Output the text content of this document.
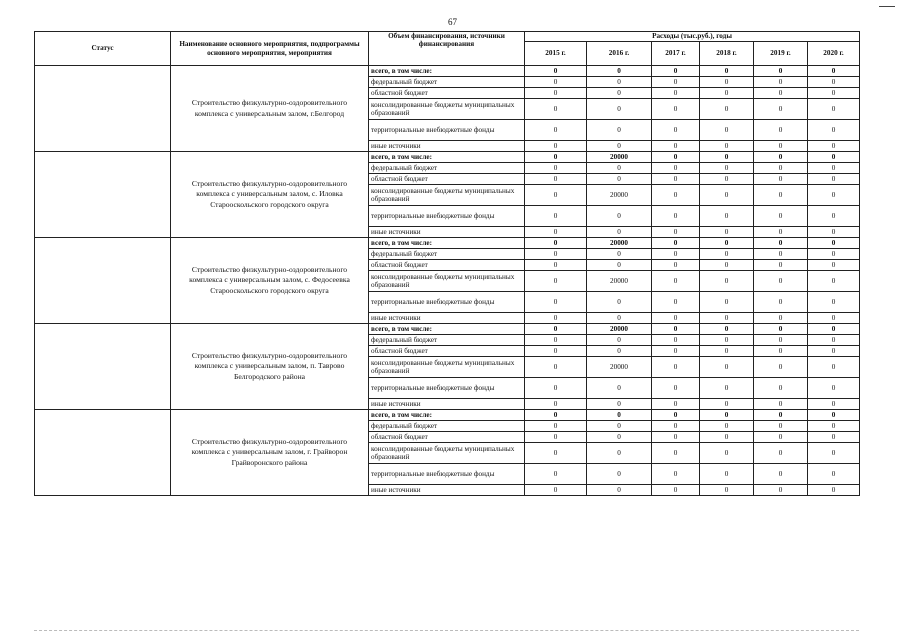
67
Статус	Наименование основного мероприятия, подпрограммы основного мероприятия, мероприятия	Объем финансирования, источники финансирования	Расходы (тыс.руб.), годы					
			2015 г.	2016 г.	2017 г.	2018 г.	2019 г.	2020 г.
	Строительство физкультурно-оздоровительного комплекса с универсальным залом, г.Белгород	всего, в том числе:	0	0	0	0	0	0
		федеральный бюджет	0	0	0	0	0	0
		областной бюджет	0	0	0	0	0	0
		консолидированные бюджеты муниципальных образований	0	0	0	0	0	0
		территориальные внебюджетные фонды	0	0	0	0	0	0
		иные источники	0	0	0	0	0	0
	Строительство физкультурно-оздоровительного комплекса с универсальным залом, с. Иловка Старооскольского городского округа	всего, в том числе:	0	20000	0	0	0	0
		федеральный бюджет	0	0	0	0	0	0
		областной бюджет	0	0	0	0	0	0
		консолидированные бюджеты муниципальных образований	0	20000	0	0	0	0
		территориальные внебюджетные фонды	0	0	0	0	0	0
		иные источники	0	0	0	0	0	0
	Строительство физкультурно-оздоровительного комплекса с универсальным залом, с. Федосеевка Старооскольского городского округа	всего, в том числе:	0	20000	0	0	0	0
		федеральный бюджет	0	0	0	0	0	0
		областной бюджет	0	0	0	0	0	0
		консолидированные бюджеты муниципальных образований	0	20000	0	0	0	0
		территориальные внебюджетные фонды	0	0	0	0	0	0
		иные источники	0	0	0	0	0	0
	Строительство физкультурно-оздоровительного комплекса с универсальным залом, п. Таврово Белгородского района	всего, в том числе:	0	20000	0	0	0	0
		федеральный бюджет	0	0	0	0	0	0
		областной бюджет	0	0	0	0	0	0
		консолидированные бюджеты муниципальных образований	0	20000	0	0	0	0
		территориальные внебюджетные фонды	0	0	0	0	0	0
		иные источники	0	0	0	0	0	0
	Строительство физкультурно-оздоровительного комплекса с универсальным залом, г. Грайворон Грайворонского района	всего, в том числе:	0	0	0	0	0	0
		федеральный бюджет	0	0	0	0	0	0
		областной бюджет	0	0	0	0	0	0
		консолидированные бюджеты муниципальных образований	0	0	0	0	0	0
		территориальные внебюджетные фонды	0	0	0	0	0	0
		иные источники	0	0	0	0	0	0
